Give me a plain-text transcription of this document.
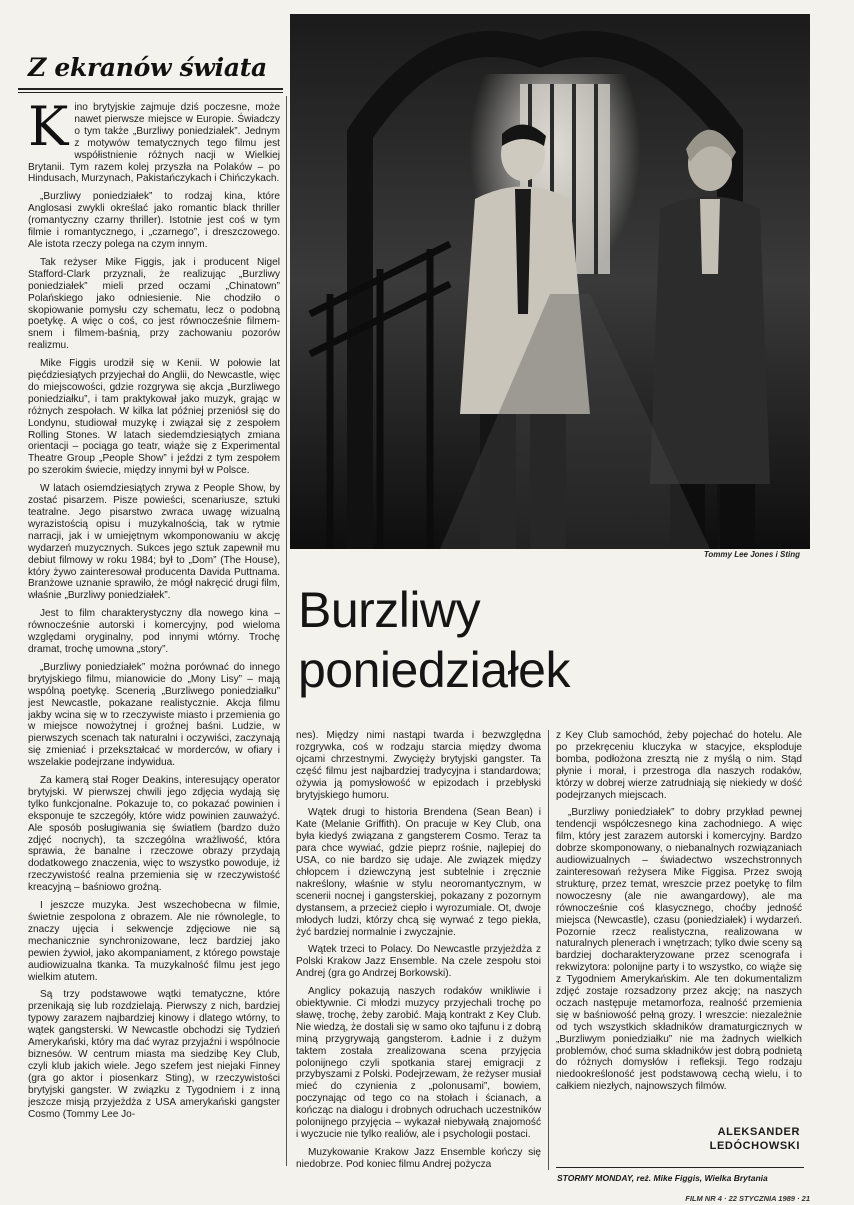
Z ekranów świata

Kino brytyjskie zajmuje dziś poczesne, może nawet pierwsze miejsce w Europie. Świadczy o tym także „Burzliwy poniedziałek”. Jednym z motywów tematycznych tego filmu jest współistnienie różnych nacji w Wielkiej Brytanii. Tym razem kolej przyszła na Polaków – po Hindusach, Murzynach, Pakistańczykach i Chińczykach.

„Burzliwy poniedziałek” to rodzaj kina, które Anglosasi zwykli określać jako romantic black thriller (romantyczny czarny thriller). Istotnie jest coś w tym filmie i romantycznego, i „czarnego”, i dreszczowego. Ale istota rzeczy polega na czym innym.

Tak reżyser Mike Figgis, jak i producent Nigel Stafford-Clark przyznali, że realizując „Burzliwy poniedziałek” mieli przed oczami „Chinatown” Polańskiego jako odniesienie. Nie chodziło o skopiowanie pomysłu czy schematu, lecz o podobną poetykę. A więc o coś, co jest równocześnie filmem-snem i filmem-baśnią, przy zachowaniu pozorów realizmu.

Mike Figgis urodził się w Kenii. W połowie lat pięćdziesiątych przyjechał do Anglii, do Newcastle, więc do miejscowości, gdzie rozgrywa się akcja „Burzliwego poniedziałku”, i tam praktykował jako muzyk, grając w różnych zespołach. W kilka lat później przeniósł się do Londynu, studiował muzykę i związał się z zespołem Rolling Stones. W latach siedemdziesiątych zmiana orientacji – pociąga go teatr, wiąże się z Experimental Theatre Group „People Show” i jeździ z tym zespołem po szerokim świecie, między innymi był w Polsce.

W latach osiemdziesiątych zrywa z People Show, by zostać pisarzem. Pisze powieści, scenariusze, sztuki teatralne. Jego pisarstwo zwraca uwagę wizualną wyrazistością opisu i muzykalnością, tak w rytmie narracji, jak i w umiejętnym wkomponowaniu w akcję wydarzeń muzycznych. Sukces jego sztuk zapewnił mu debiut filmowy w roku 1984; był to „Dom” (The House), który żywo zainteresował producenta Davida Puttnama. Branżowe uznanie sprawiło, że mógł nakręcić drugi film, właśnie „Burzliwy poniedziałek”.

Jest to film charakterystyczny dla nowego kina – równocześnie autorski i komercyjny, pod wieloma względami oryginalny, pod innymi wtórny. Trochę dramat, trochę umowna „story”.

„Burzliwy poniedziałek” można porównać do innego brytyjskiego filmu, mianowicie do „Mony Lisy” – mają wspólną poetykę. Scenerią „Burzliwego poniedziałku” jest Newcastle, pokazane realistycznie. Akcja filmu jakby wcina się w to rzeczywiste miasto i przemienia go w miejsce nowożytnej i groźnej baśni. Ludzie, w pierwszych scenach tak naturalni i oczywiści, zaczynają się zmieniać i przekształcać w morderców, w ofiary i wszelakie podejrzane indywidua.

Za kamerą stał Roger Deakins, interesujący operator brytyjski. W pierwszej chwili jego zdjęcia wydają się tylko funkcjonalne. Pokazuje to, co pokazać powinien i eksponuje te szczegóły, które widz powinien zauważyć. Ale sposób posługiwania się światłem (bardzo dużo zdjęć nocnych), ta szczególna wrażliwość, która sprawia, że banalne i rzeczowe obrazy przydają dodatkowego znaczenia, więc to wszystko powoduje, iż rzeczywistość realna przemienia się w rzeczywistość kreacyjną – baśniowo groźną.

I jeszcze muzyka. Jest wszechobecna w filmie, świetnie zespolona z obrazem. Ale nie równolegle, to znaczy ujęcia i sekwencje zdjęciowe nie są mechanicznie synchronizowane, lecz bardziej jako pewien żywioł, jako akompaniament, z którego powstaje audiowizualna tkanka. Ta muzykalność filmu jest jego wielkim atutem.

Są trzy podstawowe wątki tematyczne, które przenikają się lub rozdzielają. Pierwszy z nich, bardziej typowy zarazem najbardziej kinowy i dlatego wtórny, to wątek gangsterski. W Newcastle obchodzi się Tydzień Amerykański, który ma dać wyraz przyjaźni i wspólnocie biznesów. W centrum miasta ma siedzibę Key Club, czyli klub jakich wiele. Jego szefem jest niejaki Finney (gra go aktor i piosenkarz Sting), w rzeczywistości brytyjski gangster. W związku z Tygodniem i z inną jeszcze misją przyjeżdża z USA amerykański gangster Cosmo (Tommy Lee Jo-

Tommy Lee Jones i Sting
Burzliwy
poniedziałek

nes). Między nimi nastąpi twarda i bezwzględna rozgrywka, coś w rodzaju starcia między dwoma ojcami chrzestnymi. Zwycięży brytyjski gangster. Ta część filmu jest najbardziej tradycyjna i standardowa; ożywia ją pomysłowość w epizodach i przebłyski brytyjskiego humoru.

Wątek drugi to historia Brendena (Sean Bean) i Kate (Melanie Griffith). On pracuje w Key Club, ona była kiedyś związana z gangsterem Cosmo. Teraz ta para chce wywiać, gdzie pieprz rośnie, najlepiej do USA, co nie bardzo się udaje. Ale związek między chłopcem i dziewczyną jest subtelnie i zręcznie nakreślony, właśnie w stylu neoromantycznym, w scenerii nocnej i gangsterskiej, pokazany z pozornym dystansem, a przecież ciepło i wyrozumiale. Ot, dwoje młodych ludzi, którzy chcą się wyrwać z tego piekła, żyć bardziej normalnie i zwyczajnie.

Wątek trzeci to Polacy. Do Newcastle przyjeżdża z Polski Krakow Jazz Ensemble. Na czele zespołu stoi Andrej (gra go Andrzej Borkowski).

Anglicy pokazują naszych rodaków wnikliwie i obiektywnie. Ci młodzi muzycy przyjechali trochę po sławę, trochę, żeby zarobić. Mają kontrakt z Key Club. Nie wiedzą, że dostali się w samo oko tajfunu i z dobrą miną przygrywają gangsterom. Ładnie i z dużym taktem została zrealizowana scena przyjęcia polonijnego czyli spotkania starej emigracji z przybyszami z Polski. Podejrzewam, że reżyser musiał mieć do czynienia z „polonusami”, bowiem, poczynając od tego co na stołach i ścianach, a kończąc na dialogu i drobnych odruchach uczestników polonijnego przyjęcia – wykazał niebywałą znajomość i wyczucie nie tylko realiów, ale i psychologii postaci.

Muzykowanie Krakow Jazz Ensemble kończy się niedobrze. Pod koniec filmu Andrej pożycza

z Key Club samochód, żeby pojechać do hotelu. Ale po przekręceniu kluczyka w stacyjce, eksploduje bomba, podłożona zresztą nie z myślą o nim. Stąd płynie i morał, i przestroga dla naszych rodaków, którzy w dobrej wierze zatrudniają się niekiedy w dość podejrzanych miejscach.

„Burzliwy poniedziałek” to dobry przykład pewnej tendencji współczesnego kina zachodniego. A więc film, który jest zarazem autorski i komercyjny. Bardzo dobrze skomponowany, o niebanalnych rozwiązaniach audiowizualnych – świadectwo wszechstronnych zainteresowań reżysera Mike Figgisa. Przez swoją strukturę, przez temat, wreszcie przez poetykę to film nowoczesny (ale nie awangardowy), ale ma równocześnie coś klasycznego, choćby jedność miejsca (Newcastle), czasu (poniedziałek) i wydarzeń. Pozornie rzecz realistyczna, realizowana w naturalnych plenerach i wnętrzach; tylko dwie sceny są bardziej docharakteryzowane przez scenografa i rekwizytora: polonijne party i to wszystko, co wiąże się z Tygodniem Amerykańskim. Ale ten dokumentalizm zdjęć zostaje rozsadzony przez akcję; na naszych oczach następuje metamorfoza, realność przemienia się w baśniowość pełną grozy. I wreszcie: niezależnie od tych wszystkich składników dramaturgicznych w „Burzliwym poniedziałku” nie ma żadnych wielkich problemów, choć suma składników jest dobrą podnietą do różnych domysłów i refleksji. Tego rodzaju niedookreśloność jest podstawową cechą wielu, i to całkiem niezłych, najnowszych filmów.

ALEKSANDER
LEDÓCHOWSKI
STORMY MONDAY, reż. Mike Figgis, Wielka Brytania
FILM NR 4 · 22 STYCZNIA 1989 · 21
